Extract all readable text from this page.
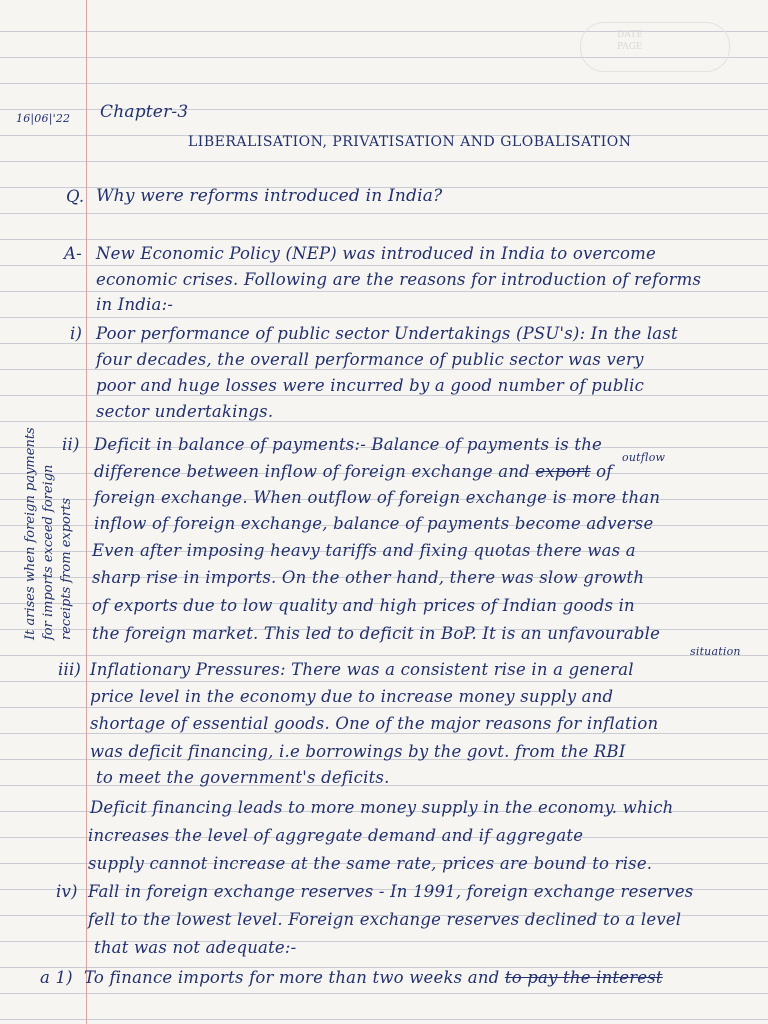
DATE
PAGE
16|06|'22 Chapter-3
LIBERALISATION, PRIVATISATION AND GLOBALISATION
Q. Why were reforms introduced in India?
A- New Economic Policy (NEP) was introduced in India to overcome
economic crises. Following are the reasons for introduction of reforms
in India:-
i) Poor performance of public sector Undertakings (PSU's): In the last
four decades, the overall performance of public sector was very
poor and huge losses were incurred by a good number of public
sector undertakings.
ii) Deficit in balance of payments:- Balance of payments is the
outflow
difference between inflow of foreign exchange and export of
foreign exchange. When outflow of foreign exchange is more than
inflow of foreign exchange, balance of payments become adverse
Even after imposing heavy tariffs and fixing quotas there was a
sharp rise in imports. On the other hand, there was slow growth
of exports due to low quality and high prices of Indian goods in
the foreign market. This led to deficit in BoP. It is an unfavourable
situation
It arises when foreign payments for imports exceed foreign receipts from exports
iii) Inflationary Pressures: There was a consistent rise in a general
price level in the economy due to increase money supply and
shortage of essential goods. One of the major reasons for inflation
was deficit financing, i.e borrowings by the govt. from the RBI
to meet the government's deficits.
Deficit financing leads to more money supply in the economy. which
increases the level of aggregate demand and if aggregate
supply cannot increase at the same rate, prices are bound to rise.
iv) Fall in foreign exchange reserves - In 1991, foreign exchange reserves
fell to the lowest level. Foreign exchange reserves declined to a level
that was not adequate:-
a 1) To finance imports for more than two weeks and to pay the interest
